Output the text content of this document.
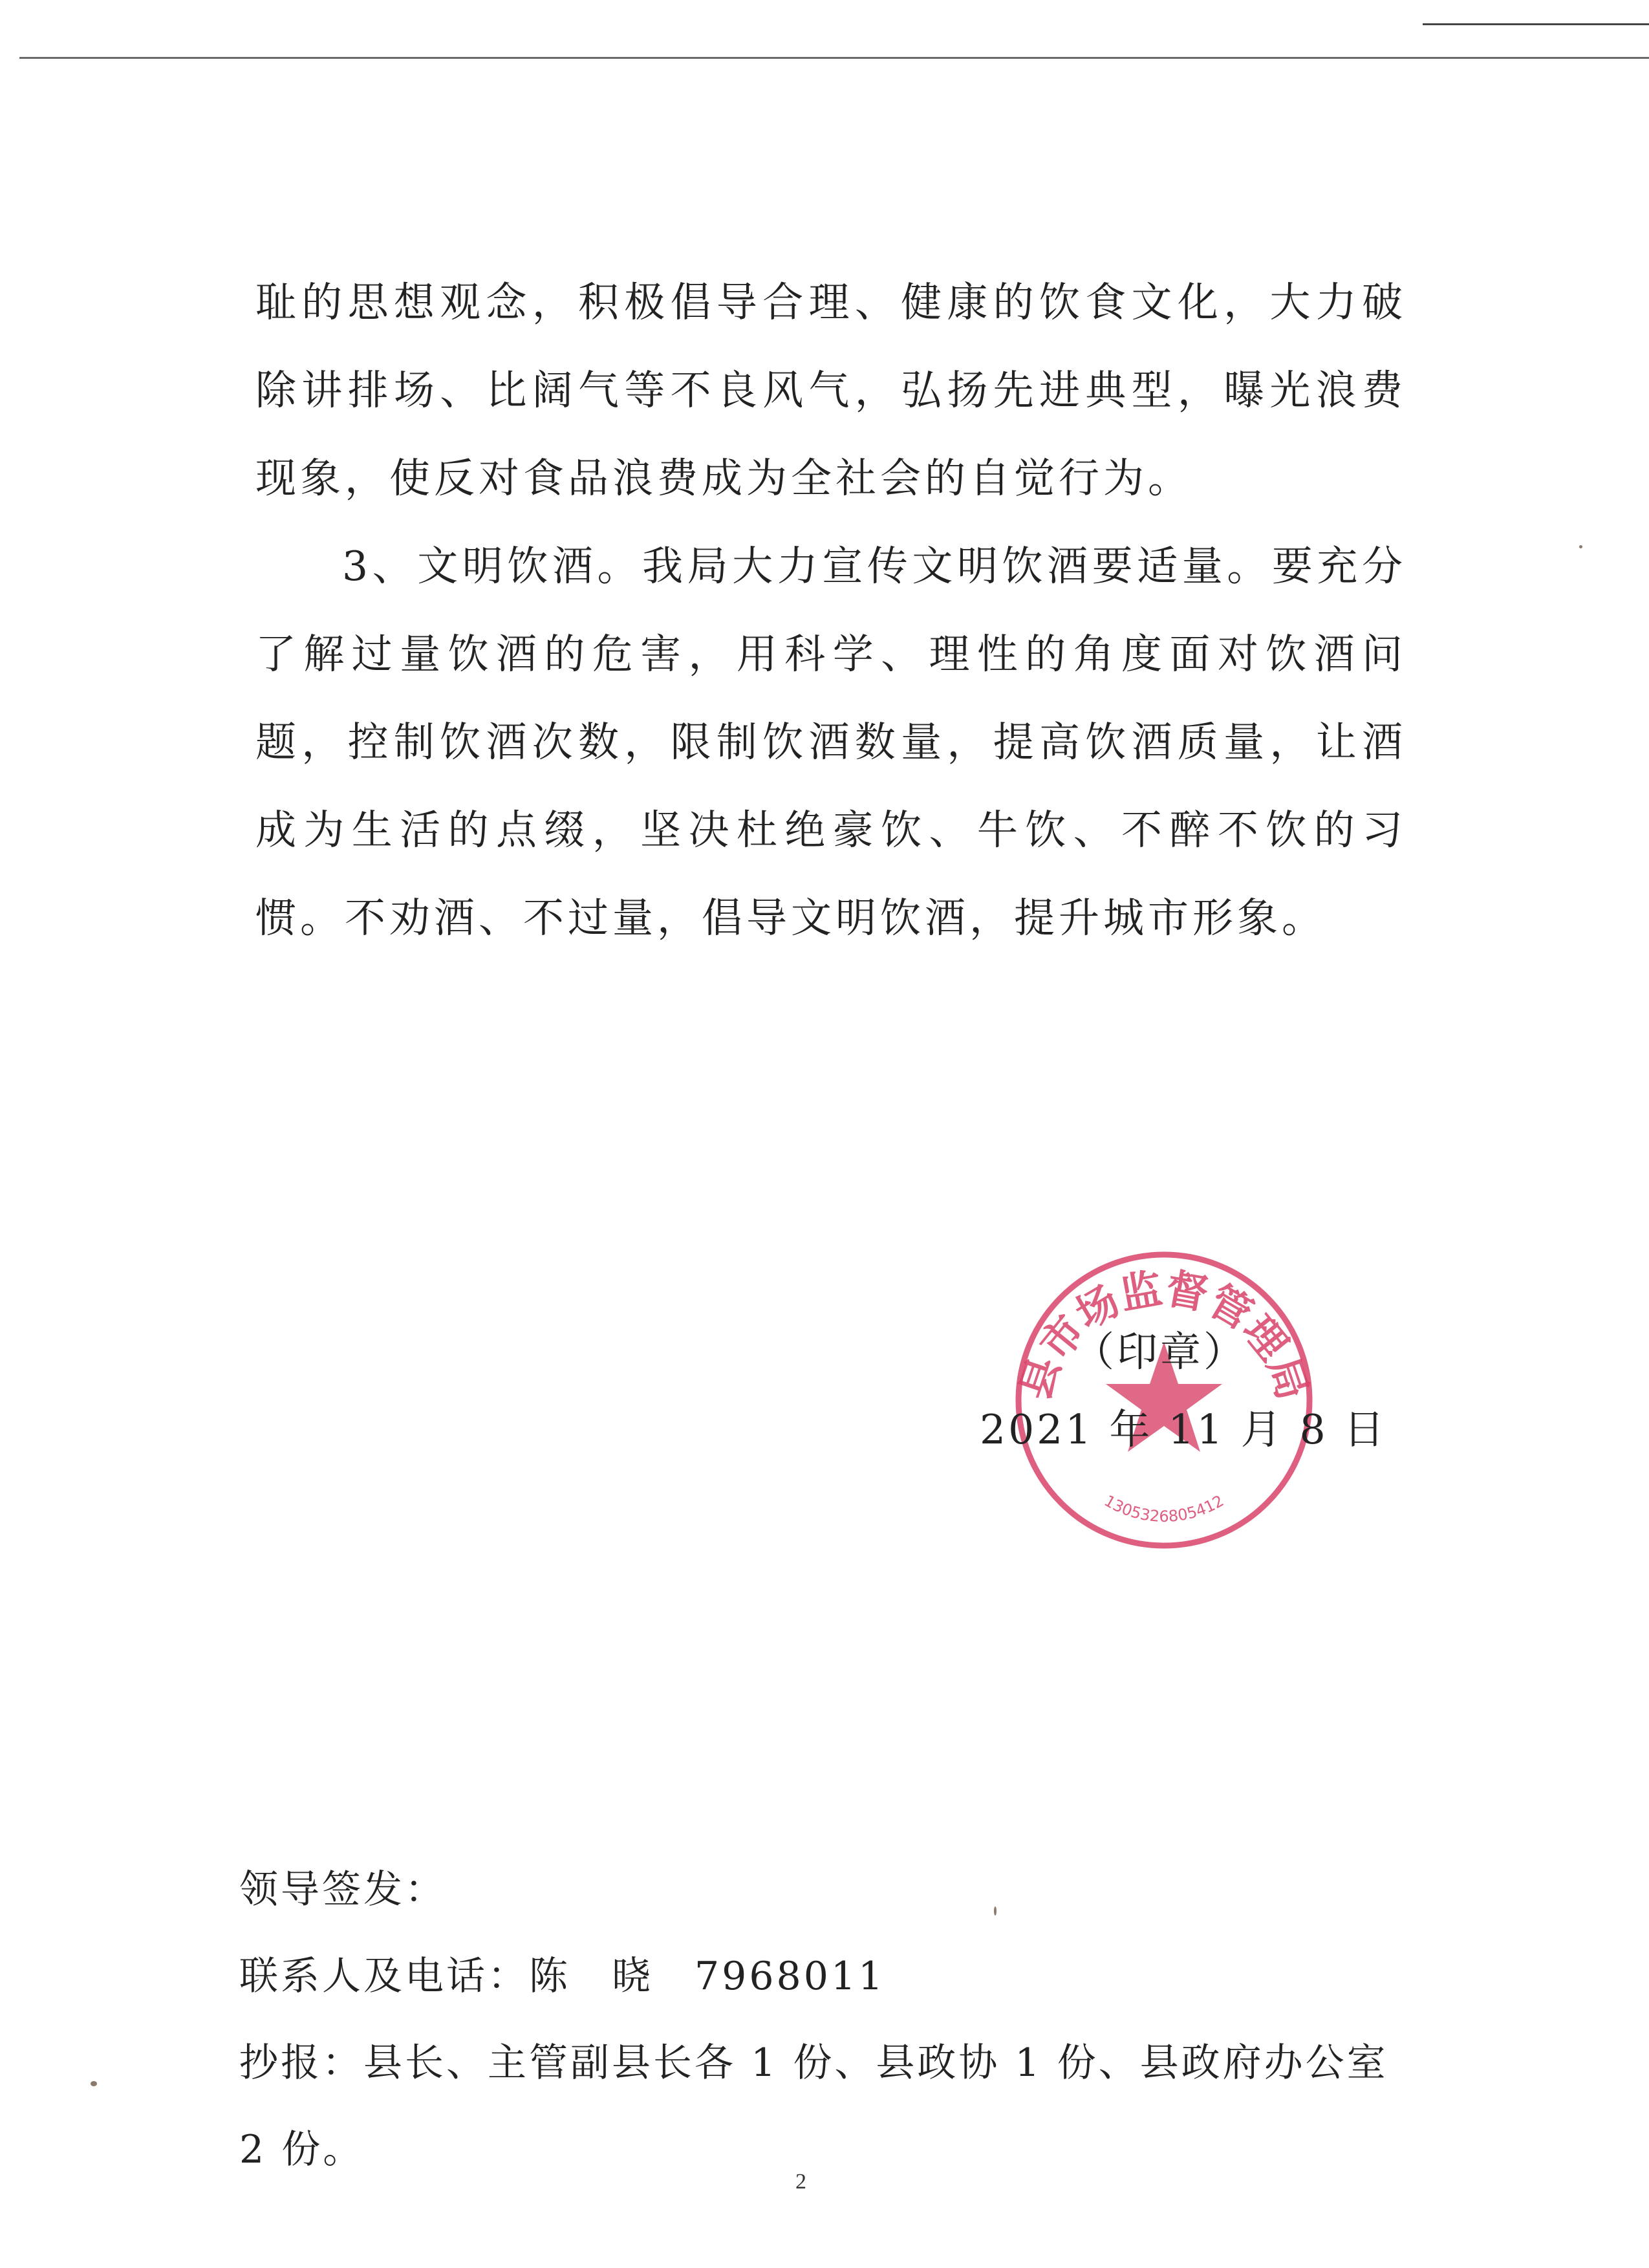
耻的思想观念，积极倡导合理、健康的饮食文化，大力破除讲排场、比阔气等不良风气，弘扬先进典型，曝光浪费现象，使反对食品浪费成为全社会的自觉行为。

3、文明饮酒。我局大力宣传文明饮酒要适量。要充分了解过量饮酒的危害，用科学、理性的角度面对饮酒问题，控制饮酒次数，限制饮酒数量，提高饮酒质量，让酒成为生活的点缀，坚决杜绝豪饮、牛饮、不醉不饮的习惯。不劝酒、不过量，倡导文明饮酒，提升城市形象。

县市场监督管理局
1305326805412
（印章）
2021 年 11 月 8 日

领导签发：

联系人及电话：陈　晓　7968011

抄报：县长、主管副县长各 1 份、县政协 1 份、县政府办公室 2 份。

2
